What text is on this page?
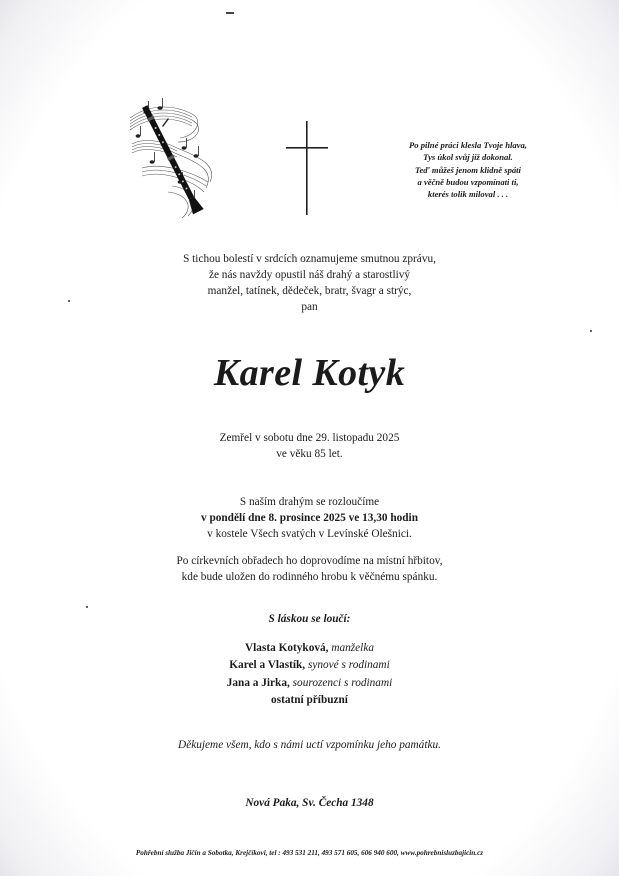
Po pilné práci klesla Tvoje hlava,
Tys úkol svůj již dokonal.
Teď můžeš jenom klidně spáti
a věčně budou vzpomínati ti,
kterés tolik miloval . . .
S tichou bolestí v srdcích oznamujeme smutnou zprávu,
že nás navždy opustil náš drahý a starostlivý
manžel, tatínek, dědeček, bratr, švagr a strýc,
pan
Karel Kotyk
Zemřel v sobotu dne 29. listopadu 2025
ve věku 85 let.
S naším drahým se rozloučíme
v pondělí dne 8. prosince 2025 ve 13,30 hodin
v kostele Všech svatých v Levínské Olešnici.
Po církevních obřadech ho doprovodíme na místní hřbitov,
kde bude uložen do rodinného hrobu k věčnému spánku.
S láskou se loučí:
Vlasta Kotyková, manželka
Karel a Vlastík, synové s rodinami
Jana a Jirka, sourozenci s rodinami
ostatní příbuzní
Děkujeme všem, kdo s námi uctí vzpomínku jeho památku.
Nová Paka, Sv. Čecha 1348
Pohřební služba Jičín a Sobotka, Krejčíkovi, tel : 493 531 211, 493 571 605, 606 940 600, www.pohrebnisluzbajicin.cz
